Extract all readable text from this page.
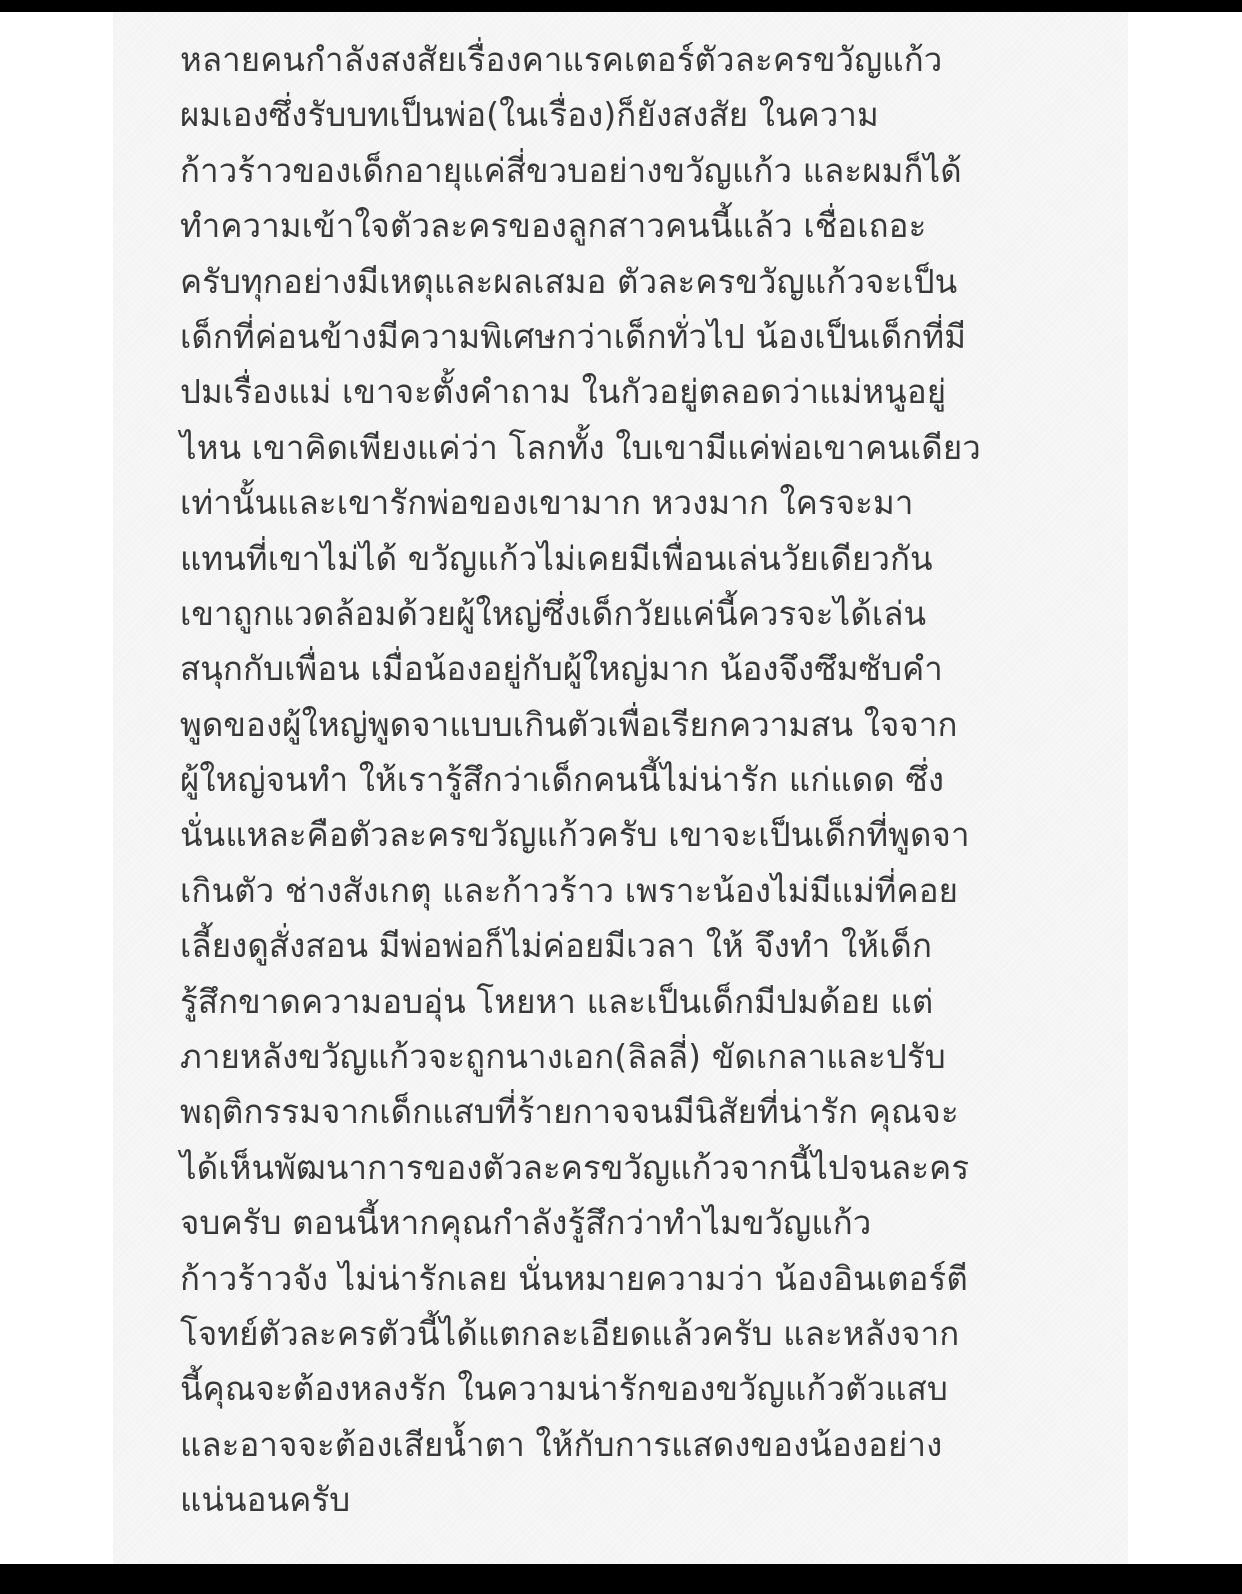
หลายคนกำลังสงสัยเรื่องคาแรคเตอร์ตัวละครขวัญแก้ว
ผมเองซึ่งรับบทเป็นพ่อ(ในเรื่อง)ก็ยังสงสัย ในความ
ก้าวร้าวของเด็กอายุแค่สี่ขวบอย่างขวัญแก้ว และผมก็ได้
ทำความเข้าใจตัวละครของลูกสาวคนนี้แล้ว เชื่อเถอะ
ครับทุกอย่างมีเหตุและผลเสมอ ตัวละครขวัญแก้วจะเป็น
เด็กที่ค่อนข้างมีความพิเศษกว่าเด็กทั่วไป น้องเป็นเด็กที่มี
ปมเรื่องแม่ เขาจะตั้งคำถาม ในกัวอยู่ตลอดว่าแม่หนูอยู่
ไหน เขาคิดเพียงแค่ว่า โลกทั้ง ใบเขามีแค่พ่อเขาคนเดียว
เท่านั้นและเขารักพ่อของเขามาก หวงมาก ใครจะมา
แทนที่เขาไม่ได้ ขวัญแก้วไม่เคยมีเพื่อนเล่นวัยเดียวกัน
เขาถูกแวดล้อมด้วยผู้ใหญ่ซึ่งเด็กวัยแค่นี้ควรจะได้เล่น
สนุกกับเพื่อน เมื่อน้องอยู่กับผู้ใหญ่มาก น้องจึงซึมซับคำ
พูดของผู้ใหญ่พูดจาแบบเกินตัวเพื่อเรียกความสน ใจจาก
ผู้ใหญ่จนทำ ให้เรารู้สึกว่าเด็กคนนี้ไม่น่ารัก แก่แดด ซึ่ง
นั่นแหละคือตัวละครขวัญแก้วครับ เขาจะเป็นเด็กที่พูดจา
เกินตัว ช่างสังเกตุ และก้าวร้าว เพราะน้องไม่มีแม่ที่คอย
เลี้ยงดูสั่งสอน มีพ่อพ่อก็ไม่ค่อยมีเวลา ให้ จึงทำ ให้เด็ก
รู้สึกขาดความอบอุ่น โหยหา และเป็นเด็กมีปมด้อย แต่
ภายหลังขวัญแก้วจะถูกนางเอก(ลิลลี่) ขัดเกลาและปรับ
พฤติกรรมจากเด็กแสบที่ร้ายกาจจนมีนิสัยที่น่ารัก คุณจะ
ได้เห็นพัฒนาการของตัวละครขวัญแก้วจากนี้ไปจนละคร
จบครับ ตอนนี้หากคุณกำลังรู้สึกว่าทำไมขวัญแก้ว
ก้าวร้าวจัง ไม่น่ารักเลย นั่นหมายความว่า น้องอินเตอร์ตี
โจทย์ตัวละครตัวนี้ได้แตกละเอียดแล้วครับ และหลังจาก
นี้คุณจะต้องหลงรัก ในความน่ารักของขวัญแก้วตัวแสบ
และอาจจะต้องเสียน้ำตา ให้กับการแสดงของน้องอย่าง
แน่นอนครับ
